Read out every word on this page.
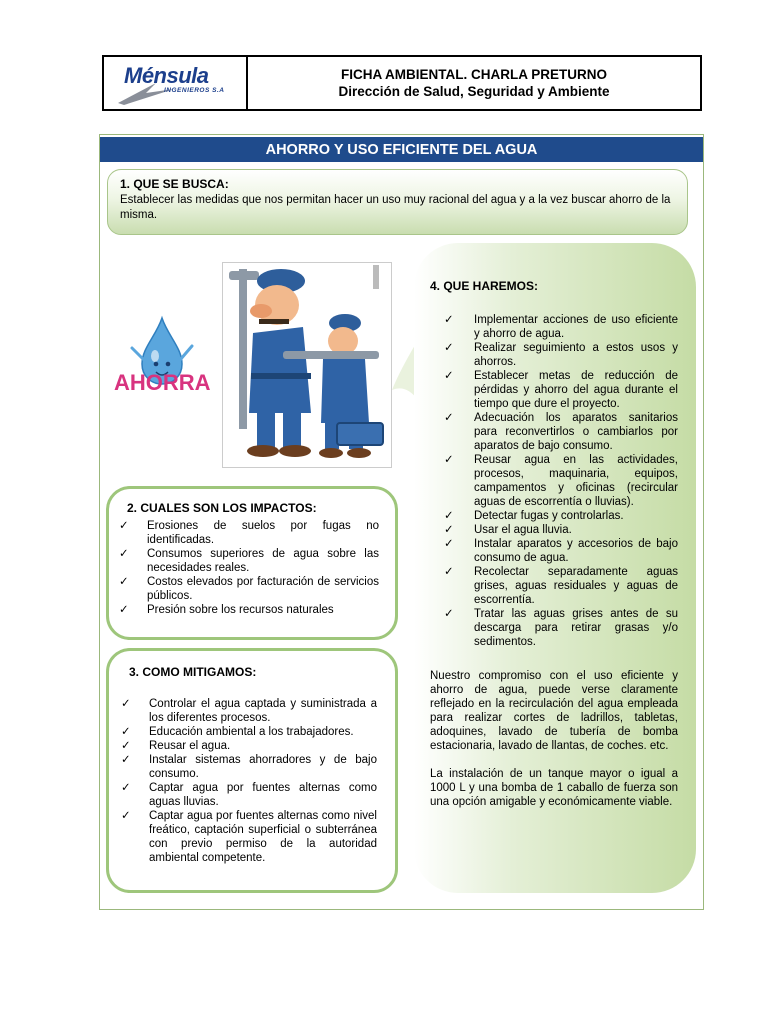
Ménsula
INGENIEROS S.A
FICHA AMBIENTAL. CHARLA PRETURNO
Dirección de Salud, Seguridad y Ambiente
AHORRO Y USO EFICIENTE DEL AGUA
1. QUE SE BUSCA:
Establecer las medidas que nos permitan hacer un uso muy racional del agua y a la vez buscar ahorro de la misma.
AHORRA
2. CUALES SON LOS IMPACTOS:
✓ Erosiones de suelos por fugas no identificadas.
✓ Consumos superiores de agua sobre las necesidades reales.
✓ Costos elevados por facturación de servicios públicos.
✓ Presión sobre los recursos naturales
3. COMO MITIGAMOS:
✓ Controlar el agua captada y suministrada a los diferentes procesos.
✓ Educación ambiental a los trabajadores.
✓ Reusar el agua.
✓ Instalar sistemas ahorradores y de bajo consumo.
✓ Captar agua por fuentes alternas como aguas lluvias.
✓ Captar agua por fuentes alternas como nivel freático, captación superficial o subterránea con previo permiso de la autoridad ambiental competente.
4. QUE HAREMOS:
✓ Implementar acciones de uso eficiente y ahorro de agua.
✓ Realizar seguimiento a estos usos y ahorros.
✓ Establecer metas de reducción de pérdidas y ahorro del agua durante el tiempo que dure el proyecto.
✓ Adecuación los aparatos sanitarios para reconvertirlos o cambiarlos por aparatos de bajo consumo.
✓ Reusar agua en las actividades, procesos, maquinaria, equipos, campamentos y oficinas (recircular aguas de escorrentía o lluvias).
✓ Detectar fugas y controlarlas.
✓ Usar el agua lluvia.
✓ Instalar aparatos y accesorios de bajo consumo de agua.
✓ Recolectar separadamente aguas grises, aguas residuales y aguas de escorrentía.
✓ Tratar las aguas grises antes de su descarga para retirar grasas y/o sedimentos.

Nuestro compromiso con el uso eficiente y ahorro de agua, puede verse claramente reflejado en la recirculación del agua empleada para realizar cortes de ladrillos, tabletas, adoquines, lavado de tubería de bomba estacionaria, lavado de llantas, de coches. etc.

La instalación de un tanque mayor o igual a 1000 L y una bomba de 1 caballo de fuerza son una opción amigable y económicamente viable.
